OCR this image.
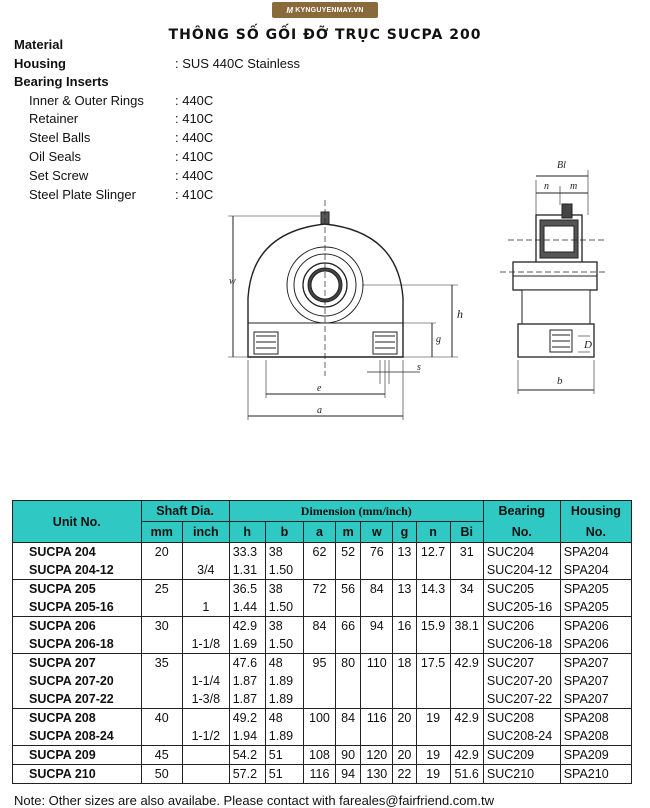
M KYNGUYENMAY.VN
THÔNG SỐ GỐI ĐỠ TRỤC SUCPA 200
Material
Housing	: SUS 440C Stainless
Bearing Inserts
Inner & Outer Rings : 440C
Retainer	: 410C
Steel Balls	: 440C
Oil Seals	: 410C
Set Screw	: 440C
Steel Plate Slinger	: 410C
w
h
g
e
a
s
Bl
n m
D
b
Unit No.	Shaft Dia.		Dimension (mm/inch)								Bearing	Housing
	mm	inch	h	b	a	m	w	g	n	Bi	No.	No.
SUCPA 204	20		33.3	38	62	52	76	13	12.7	31	SUC204	SPA204
SUCPA 204-12		3/4	1.31	1.50							SUC204-12	SPA204
SUCPA 205	25		36.5	38	72	56	84	13	14.3	34	SUC205	SPA205
SUCPA 205-16		1	1.44	1.50							SUC205-16	SPA205
SUCPA 206	30		42.9	38	84	66	94	16	15.9	38.1	SUC206	SPA206
SUCPA 206-18		1-1/8	1.69	1.50							SUC206-18	SPA206
SUCPA 207	35		47.6	48	95	80	110	18	17.5	42.9	SUC207	SPA207
SUCPA 207-20		1-1/4	1.87	1.89							SUC207-20	SPA207
SUCPA 207-22		1-3/8	1.87	1.89							SUC207-22	SPA207
SUCPA 208	40		49.2	48	100	84	116	20	19	42.9	SUC208	SPA208
SUCPA 208-24		1-1/2	1.94	1.89							SUC208-24	SPA208
SUCPA 209	45		54.2	51	108	90	120	20	19	42.9	SUC209	SPA209
SUCPA 210	50		57.2	51	116	94	130	22	19	51.6	SUC210	SPA210
Note: Other sizes are also availabe. Please contact with fareales@fairfriend.com.tw
